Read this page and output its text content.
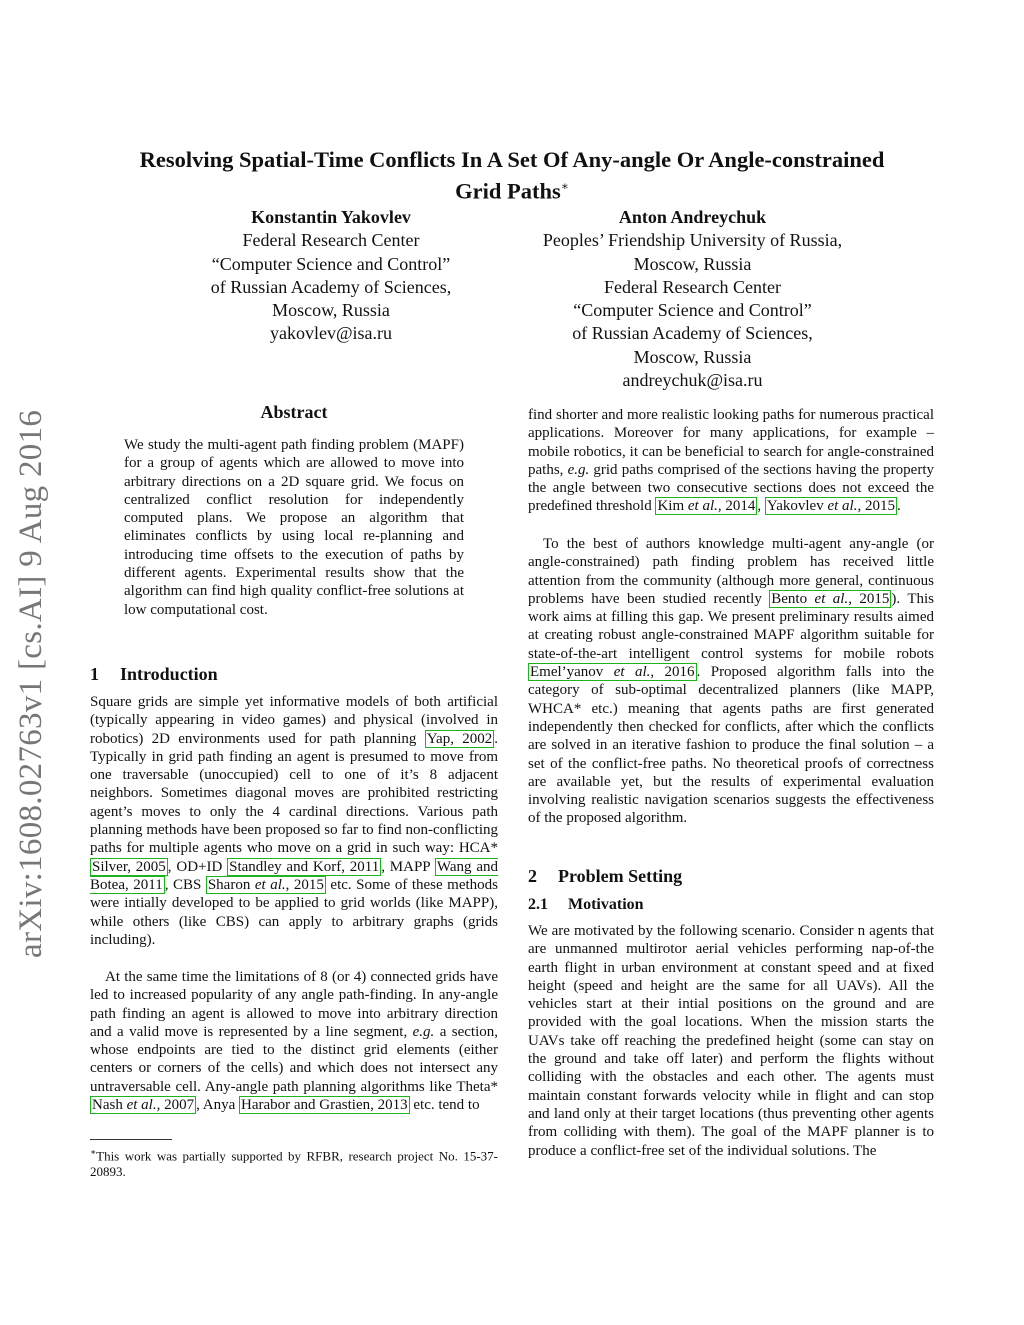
arXiv:1608.02763v1 [cs.AI] 9 Aug 2016
Resolving Spatial-Time Conflicts In A Set Of Any-angle Or Angle-constrained
Grid Paths∗
Konstantin Yakovlev
Federal Research Center
“Computer Science and Control”
of Russian Academy of Sciences,
Moscow, Russia
yakovlev@isa.ru
Anton Andreychuk
Peoples’ Friendship University of Russia,
Moscow, Russia
Federal Research Center
“Computer Science and Control”
of Russian Academy of Sciences,
Moscow, Russia
andreychuk@isa.ru
Abstract

We study the multi-agent path finding problem (MAPF) for a group of agents which are allowed to move into arbitrary directions on a 2D square grid. We focus on centralized conflict resolution for independently computed plans. We propose an algorithm that eliminates conflicts by using local re-planning and introducing time offsets to the execution of paths by different agents. Experimental results show that the algorithm can find high quality conflict-free solutions at low computational cost.

1 Introduction

Square grids are simple yet informative models of both artificial (typically appearing in video games) and physical (involved in robotics) 2D environments used for path planning Yap, 2002 . Typically in grid path finding an agent is presumed to move from one traversable (unoccupied) cell to one of it’s 8 adjacent neighbors. Sometimes diagonal moves are prohibited restricting agent’s moves to only the 4 cardinal directions. Various path planning methods have been proposed so far to find non-conflicting paths for multiple agents who move on a grid in such way: HCA* Silver, 2005 , OD+ID Standley and Korf, 2011 , MAPP Wang and Botea, 2011 , CBS Sharon et al., 2015 etc. Some of these methods were intially developed to be applied to grid worlds (like MAPP), while others (like CBS) can apply to arbitrary graphs (grids including).

At the same time the limitations of 8 (or 4) connected grids have led to increased popularity of any angle path-finding. In any-angle path finding an agent is allowed to move into arbitrary direction and a valid move is represented by a line segment, e.g. a section, whose endpoints are tied to the distinct grid elements (either centers or corners of the cells) and which does not intersect any untraversable cell. Any-angle path planning algorithms like Theta* Nash et al., 2007 , Anya Harabor and Grastien, 2013 etc. tend to

∗This work was partially supported by RFBR, research project No. 15-37-20893.

find shorter and more realistic looking paths for numerous practical applications. Moreover for many applications, for example – mobile robotics, it can be beneficial to search for angle-constrained paths, e.g. grid paths comprised of the sections having the property the angle between two consecutive sections does not exceed the predefined threshold Kim et al., 2014 , Yakovlev et al., 2015 .

To the best of authors knowledge multi-agent any-angle (or angle-constrained) path finding problem has received little attention from the community (although more general, continuous problems have been studied recently Bento et al., 2015 ). This work aims at filling this gap. We present preliminary results aimed at creating robust angle-constrained MAPF algorithm suitable for state-of-the-art intelligent control systems for mobile robots Emel’yanov et al., 2016 . Proposed algorithm falls into the category of sub-optimal decentralized planners (like MAPP, WHCA* etc.) meaning that agents paths are first generated independently then checked for conflicts, after which the conflicts are solved in an iterative fashion to produce the final solution – a set of the conflict-free paths. No theoretical proofs of correctness are available yet, but the results of experimental evaluation involving realistic navigation scenarios suggests the effectiveness of the proposed algorithm.

2 Problem Setting
2.1 Motivation

We are motivated by the following scenario. Consider n agents that are unmanned multirotor aerial vehicles performing nap-of-the earth flight in urban environment at constant speed and at fixed height (speed and height are the same for all UAVs). All the vehicles start at their intial positions on the ground and are provided with the goal locations. When the mission starts the UAVs take off reaching the predefined height (some can stay on the ground and take off later) and perform the flights without colliding with the obstacles and each other. The agents must maintain constant forwards velocity while in flight and can stop and land only at their target locations (thus preventing other agents from colliding with them). The goal of the MAPF planner is to produce a conflict-free set of the individual solutions. The
